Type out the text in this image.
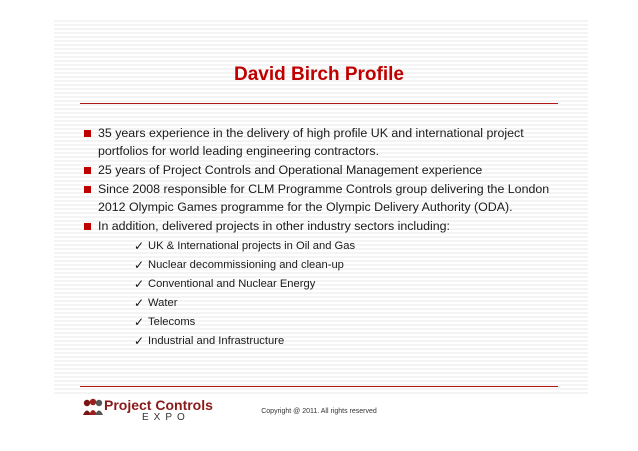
David Birch Profile
35 years experience in the delivery of high profile UK and international project portfolios for world leading engineering contractors.
25 years of Project Controls and Operational Management experience
Since 2008 responsible for CLM Programme Controls group delivering the London 2012 Olympic Games programme for the Olympic Delivery Authority (ODA).
In addition, delivered projects in other industry sectors including:
✓ UK & International projects in Oil and Gas
✓ Nuclear decommissioning and clean-up
✓ Conventional and Nuclear Energy
✓ Water
✓ Telecoms
✓ Industrial and Infrastructure
Project Controls
EXPO
Copyright @ 2011. All rights reserved
